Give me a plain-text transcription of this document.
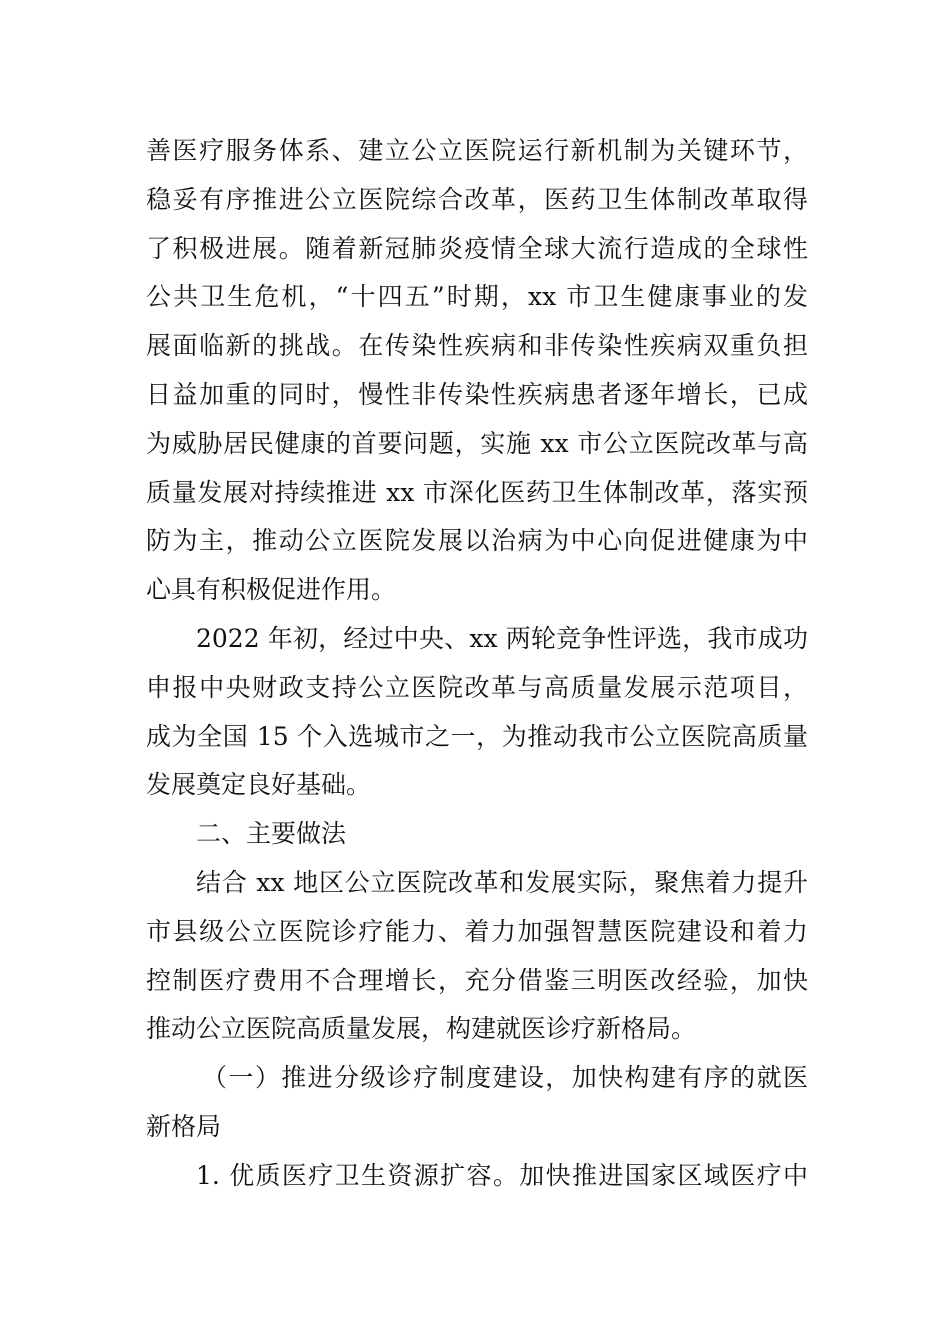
善医疗服务体系、建立公立医院运行新机制为关键环节，
稳妥有序推进公立医院综合改革，医药卫生体制改革取得
了积极进展。随着新冠肺炎疫情全球大流行造成的全球性
公共卫生危机，“十四五”时期，xx 市卫生健康事业的发
展面临新的挑战。在传染性疾病和非传染性疾病双重负担
日益加重的同时，慢性非传染性疾病患者逐年增长，已成
为威胁居民健康的首要问题，实施 xx 市公立医院改革与高
质量发展对持续推进 xx 市深化医药卫生体制改革，落实预
防为主，推动公立医院发展以治病为中心向促进健康为中
心具有积极促进作用。
2022 年初，经过中央、xx 两轮竞争性评选，我市成功
申报中央财政支持公立医院改革与高质量发展示范项目，
成为全国 15 个入选城市之一，为推动我市公立医院高质量
发展奠定良好基础。
二、主要做法
结合 xx 地区公立医院改革和发展实际，聚焦着力提升
市县级公立医院诊疗能力、着力加强智慧医院建设和着力
控制医疗费用不合理增长，充分借鉴三明医改经验，加快
推动公立医院高质量发展，构建就医诊疗新格局。
（一）推进分级诊疗制度建设，加快构建有序的就医
新格局
1. 优质医疗卫生资源扩容。加快推进国家区域医疗中
